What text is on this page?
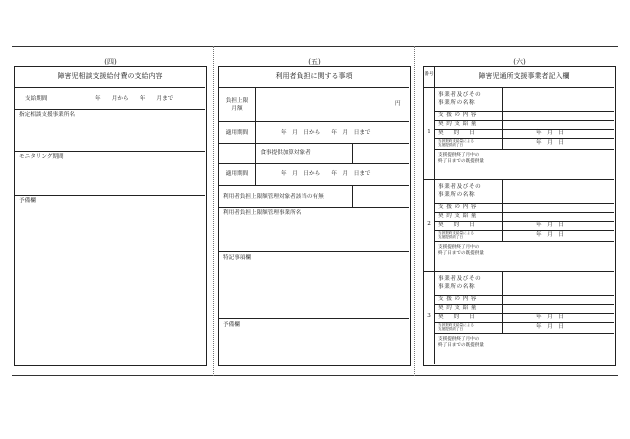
(四)	(五)	(六)
障害児相談支援給付費の支給内容
支給期間	年　　月から　　年　　月まで
指定相談支援事業所名
モニタリング期間
予備欄
利用者負担に関する事項
負担上限
月額
円
適用期間	年　月　日から　　年　月　日まで
食事提供加算対象者
適用期間	年　月　日から　　年　月　日まで
利用者負担上限額管理対象者該当の有無
利用者負担上限額管理事業所名
特記事項欄
予備欄
番号	障害児通所支援事業者記入欄
1
事業者及びその
事業所の名称
支援の内容
契約支給量
契約日	年　月　日
当該契約支給量による
支援提供終了日	年　月　日
支援提供終了月中の
終了日までの既提供量
2
事業者及びその
事業所の名称
支援の内容
契約支給量
契約日	年　月　日
当該契約支給量による
支援提供終了日	年　月　日
支援提供終了月中の
終了日までの既提供量
3
事業者及びその
事業所の名称
支援の内容
契約支給量
契約日	年　月　日
当該契約支給量による
支援提供終了日	年　月　日
支援提供終了月中の
終了日までの既提供量
